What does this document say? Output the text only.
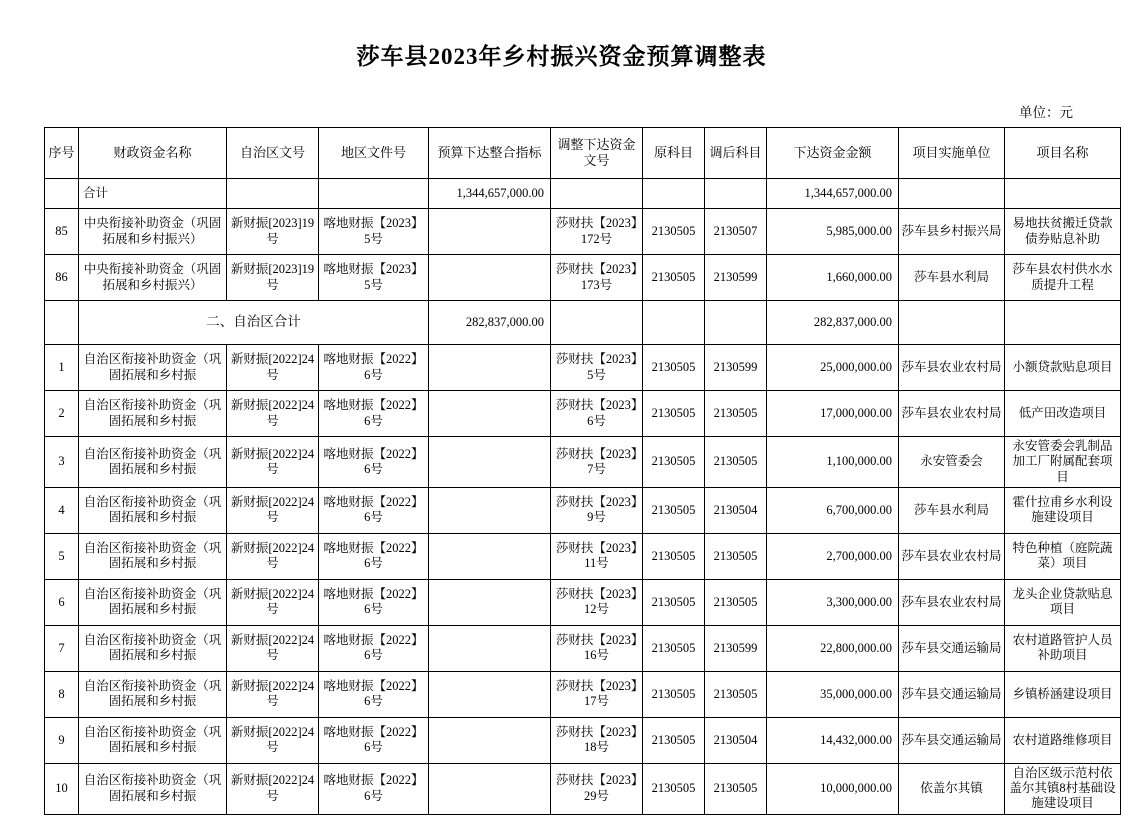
莎车县2023年乡村振兴资金预算调整表
单位：元
序号	财政资金名称	自治区文号	地区文件号	预算下达整合指标	调整下达资金文号	原科目	调后科目	下达资金金额	项目实施单位	项目名称
	合计			1,344,657,000.00				1,344,657,000.00		
85	中央衔接补助资金（巩固拓展和乡村振兴）	新财振[2023]19号	喀地财振【2023】5号		莎财扶【2023】172号	2130505	2130507	5,985,000.00	莎车县乡村振兴局	易地扶贫搬迁贷款债券贴息补助
86	中央衔接补助资金（巩固拓展和乡村振兴）	新财振[2023]19号	喀地财振【2023】5号		莎财扶【2023】173号	2130505	2130599	1,660,000.00	莎车县水利局	莎车县农村供水水质提升工程
	二、自治区合计			282,837,000.00				282,837,000.00		
1	自治区衔接补助资金（巩固拓展和乡村振	新财振[2022]24号	喀地财振【2022】6号		莎财扶【2023】5号	2130505	2130599	25,000,000.00	莎车县农业农村局	小额贷款贴息项目
2	自治区衔接补助资金（巩固拓展和乡村振	新财振[2022]24号	喀地财振【2022】6号		莎财扶【2023】6号	2130505	2130505	17,000,000.00	莎车县农业农村局	低产田改造项目
3	自治区衔接补助资金（巩固拓展和乡村振	新财振[2022]24号	喀地财振【2022】6号		莎财扶【2023】7号	2130505	2130505	1,100,000.00	永安管委会	永安管委会乳制品加工厂附属配套项目
4	自治区衔接补助资金（巩固拓展和乡村振	新财振[2022]24号	喀地财振【2022】6号		莎财扶【2023】9号	2130505	2130504	6,700,000.00	莎车县水利局	霍什拉甫乡水利设施建设项目
5	自治区衔接补助资金（巩固拓展和乡村振	新财振[2022]24号	喀地财振【2022】6号		莎财扶【2023】11号	2130505	2130505	2,700,000.00	莎车县农业农村局	特色种植（庭院蔬菜）项目
6	自治区衔接补助资金（巩固拓展和乡村振	新财振[2022]24号	喀地财振【2022】6号		莎财扶【2023】12号	2130505	2130505	3,300,000.00	莎车县农业农村局	龙头企业贷款贴息项目
7	自治区衔接补助资金（巩固拓展和乡村振	新财振[2022]24号	喀地财振【2022】6号		莎财扶【2023】16号	2130505	2130599	22,800,000.00	莎车县交通运输局	农村道路管护人员补助项目
8	自治区衔接补助资金（巩固拓展和乡村振	新财振[2022]24号	喀地财振【2022】6号		莎财扶【2023】17号	2130505	2130505	35,000,000.00	莎车县交通运输局	乡镇桥涵建设项目
9	自治区衔接补助资金（巩固拓展和乡村振	新财振[2022]24号	喀地财振【2022】6号		莎财扶【2023】18号	2130505	2130504	14,432,000.00	莎车县交通运输局	农村道路维修项目
10	自治区衔接补助资金（巩固拓展和乡村振	新财振[2022]24号	喀地财振【2022】6号		莎财扶【2023】29号	2130505	2130505	10,000,000.00	依盖尔其镇	自治区级示范村依盖尔其镇8村基础设施建设项目
